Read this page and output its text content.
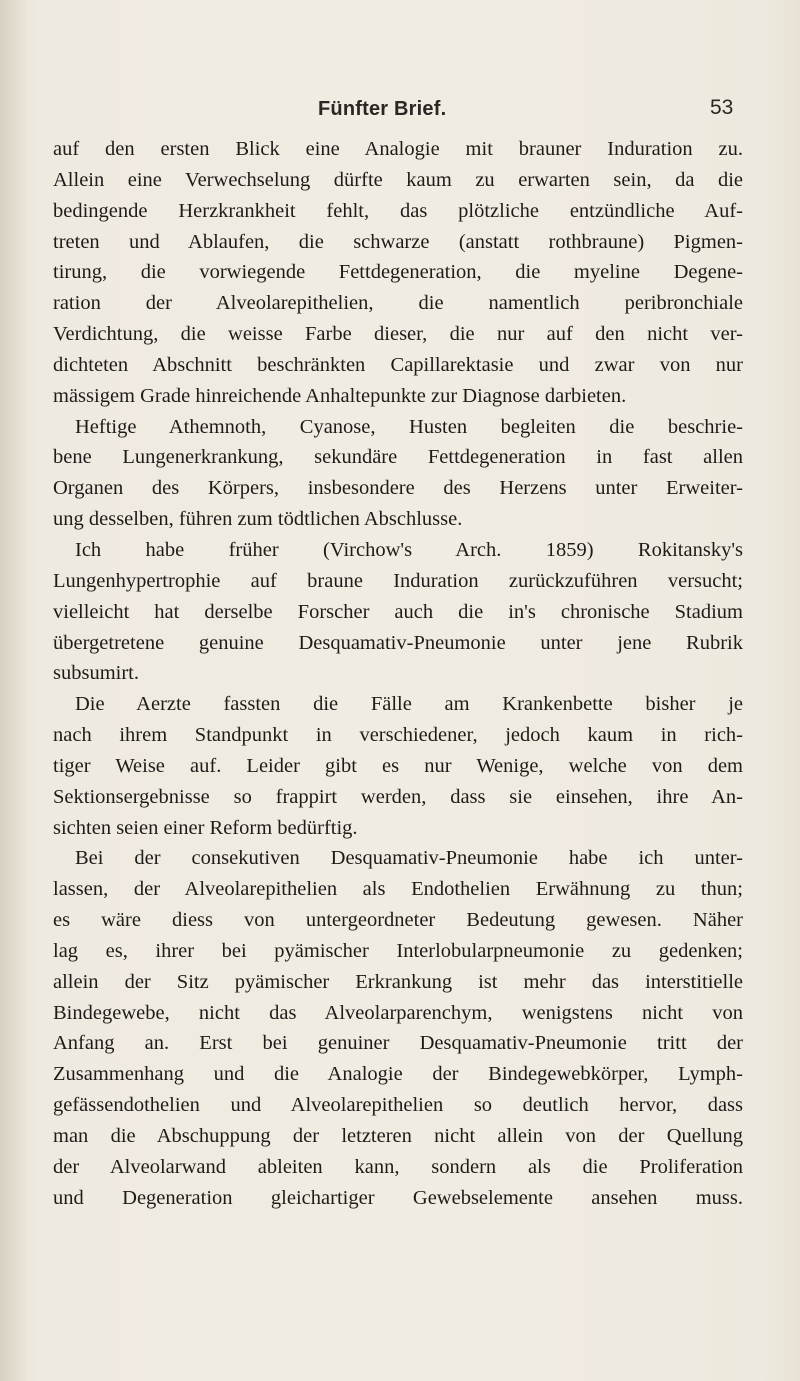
Fünfter Brief.	53
auf den ersten Blick eine Analogie mit brauner Induration zu.
Allein eine Verwechselung dürfte kaum zu erwarten sein, da die
bedingende Herzkrankheit fehlt, das plötzliche entzündliche Auf-
treten und Ablaufen, die schwarze (anstatt rothbraune) Pigmen-
tirung, die vorwiegende Fettdegeneration, die myeline Degene-
ration der Alveolarepithelien, die namentlich peribronchiale
Verdichtung, die weisse Farbe dieser, die nur auf den nicht ver-
dichteten Abschnitt beschränkten Capillarektasie und zwar von nur
mässigem Grade hinreichende Anhaltepunkte zur Diagnose darbieten.
Heftige Athemnoth, Cyanose, Husten begleiten die beschrie-
bene Lungenerkrankung, sekundäre Fettdegeneration in fast allen
Organen des Körpers, insbesondere des Herzens unter Erweiter-
ung desselben, führen zum tödtlichen Abschlusse.
Ich habe früher (Virchow's Arch. 1859) Rokitansky's
Lungenhypertrophie auf braune Induration zurückzuführen versucht;
vielleicht hat derselbe Forscher auch die in's chronische Stadium
übergetretene genuine Desquamativ-Pneumonie unter jene Rubrik
subsumirt.
Die Aerzte fassten die Fälle am Krankenbette bisher je
nach ihrem Standpunkt in verschiedener, jedoch kaum in rich-
tiger Weise auf. Leider gibt es nur Wenige, welche von dem
Sektionsergebnisse so frappirt werden, dass sie einsehen, ihre An-
sichten seien einer Reform bedürftig.
Bei der consekutiven Desquamativ-Pneumonie habe ich unter-
lassen, der Alveolarepithelien als Endothelien Erwähnung zu thun;
es wäre diess von untergeordneter Bedeutung gewesen. Näher
lag es, ihrer bei pyämischer Interlobularpneumonie zu gedenken;
allein der Sitz pyämischer Erkrankung ist mehr das interstitielle
Bindegewebe, nicht das Alveolarparenchym, wenigstens nicht von
Anfang an. Erst bei genuiner Desquamativ-Pneumonie tritt der
Zusammenhang und die Analogie der Bindegewebkörper, Lymph-
gefässendothelien und Alveolarepithelien so deutlich hervor, dass
man die Abschuppung der letzteren nicht allein von der Quellung
der Alveolarwand ableiten kann, sondern als die Proliferation
und Degeneration gleichartiger Gewebselemente ansehen muss.
